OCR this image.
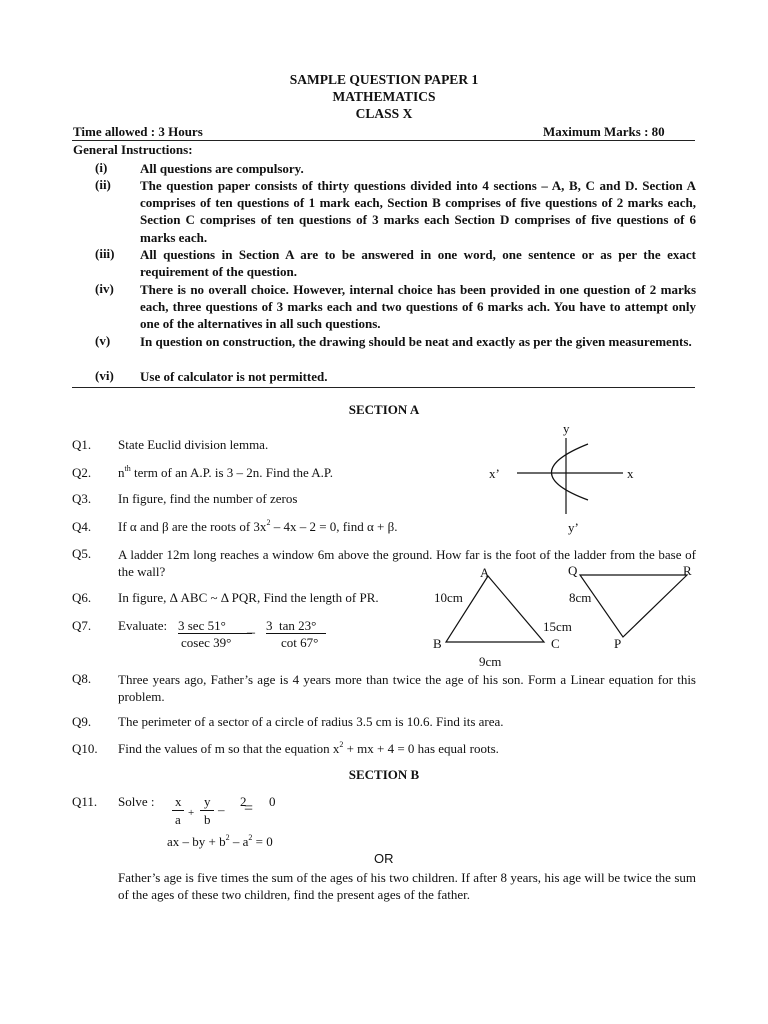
SAMPLE QUESTION PAPER 1
MATHEMATICS
CLASS X
Time allowed : 3 Hours	Maximum Marks : 80
General Instructions:
(i)	All questions are compulsory.
(ii) The question paper consists of thirty questions divided into 4 sections – A, B, C and D. Section A comprises of ten questions of 1 mark each, Section B comprises of five questions of 2 marks each, Section C comprises of ten questions of 3 marks each Section D comprises of five questions of 6 marks each.
(iii) All questions in Section A are to be answered in one word, one sentence or as per the exact requirement of the question.
(iv) There is no overall choice. However, internal choice has been provided in one question of 2 marks each, three questions of 3 marks each and two questions of 6 marks ach. You have to attempt only one of the alternatives in all such questions.
(v) In question on construction, the drawing should be neat and exactly as per the given measurements.
(vi) Use of calculator is not permitted.
SECTION A
Q1. State Euclid division lemma.
Q2. $n^{th}$ term of an A.P. is 3 – 2n. Find the A.P.
Q3. In figure, find the number of zeros
Q4. If α and β are the roots of $3x^2 - 4x - 2 = 0$, find α + β.
y
x’	x
y’
Q5. A ladder 12m long reaches a window 6m above the ground. How far is the foot of the ladder from the base of the wall?	A	Q	R
10cm	8cm
15cm
B	C	P
9cm
Q6. In figure, Δ ABC ~ Δ PQR, Find the length of PR.
Q7. Evaluate: 3 sec 51°
cosec 39°
– 3  tan 23°
cot 67°
Q8. Three years ago, Father’s age is 4 years more than twice the age of his son. Form a Linear equation for this problem.
Q9. The perimeter of a sector of a circle of radius 3.5 cm is 10.6. Find its area.
Q10. Find the values of m so that the equation $x^2$ + mx + 4 = 0 has equal roots.
SECTION B
Q11. Solve : x
a +
y
b
–
2
= 0
ax – by + $b^2 - a^2 = 0$
OR
Father’s age is five times the sum of the ages of his two children. If after 8 years, his age will be twice the sum of the ages of these two children, find the present ages of the father.
